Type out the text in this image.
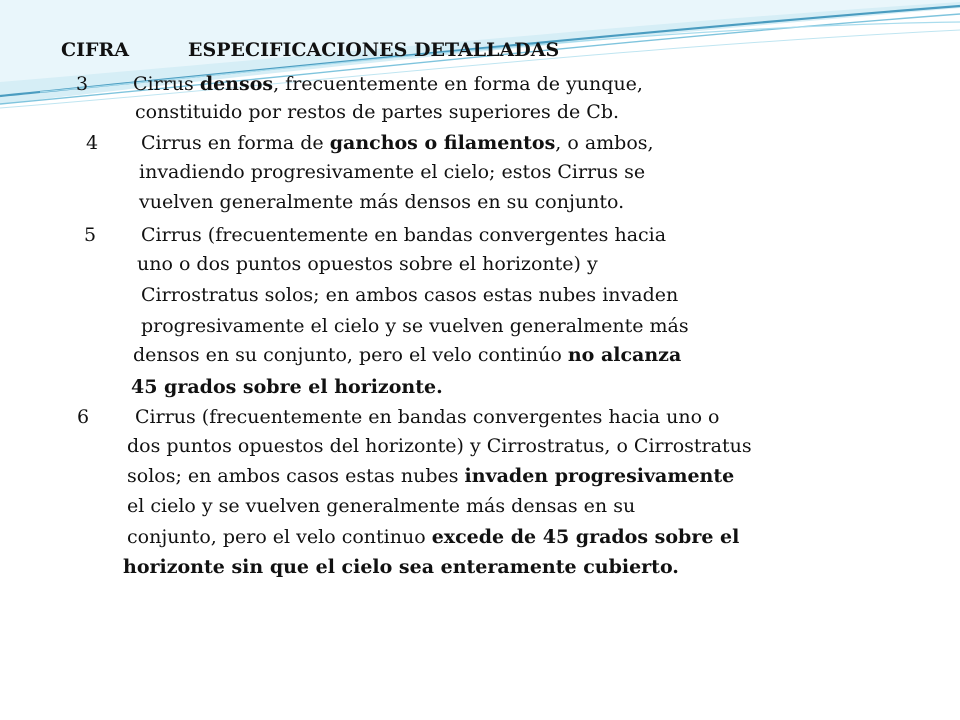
CIFRA	ESPECIFICACIONES DETALLADAS
3 Cirrus densos, frecuentemente en forma de yunque,
constituido por restos de partes superiores de Cb.
4 Cirrus en forma de ganchos o filamentos, o ambos,
invadiendo progresivamente el cielo; estos Cirrus se
vuelven generalmente más densos en su conjunto.
5 Cirrus (frecuentemente en bandas convergentes hacia
uno o dos puntos opuestos sobre el horizonte) y
Cirrostratus solos; en ambos casos estas nubes invaden
progresivamente el cielo y se vuelven generalmente más
densos en su conjunto, pero el velo continúo no alcanza
45 grados sobre el horizonte.
6 Cirrus (frecuentemente en bandas convergentes hacia uno o
dos puntos opuestos del horizonte) y Cirrostratus, o Cirrostratus
solos; en ambos casos estas nubes invaden progresivamente
el cielo y se vuelven generalmente más densas en su
conjunto, pero el velo continuo excede de 45 grados sobre el
horizonte sin que el cielo sea enteramente cubierto.
